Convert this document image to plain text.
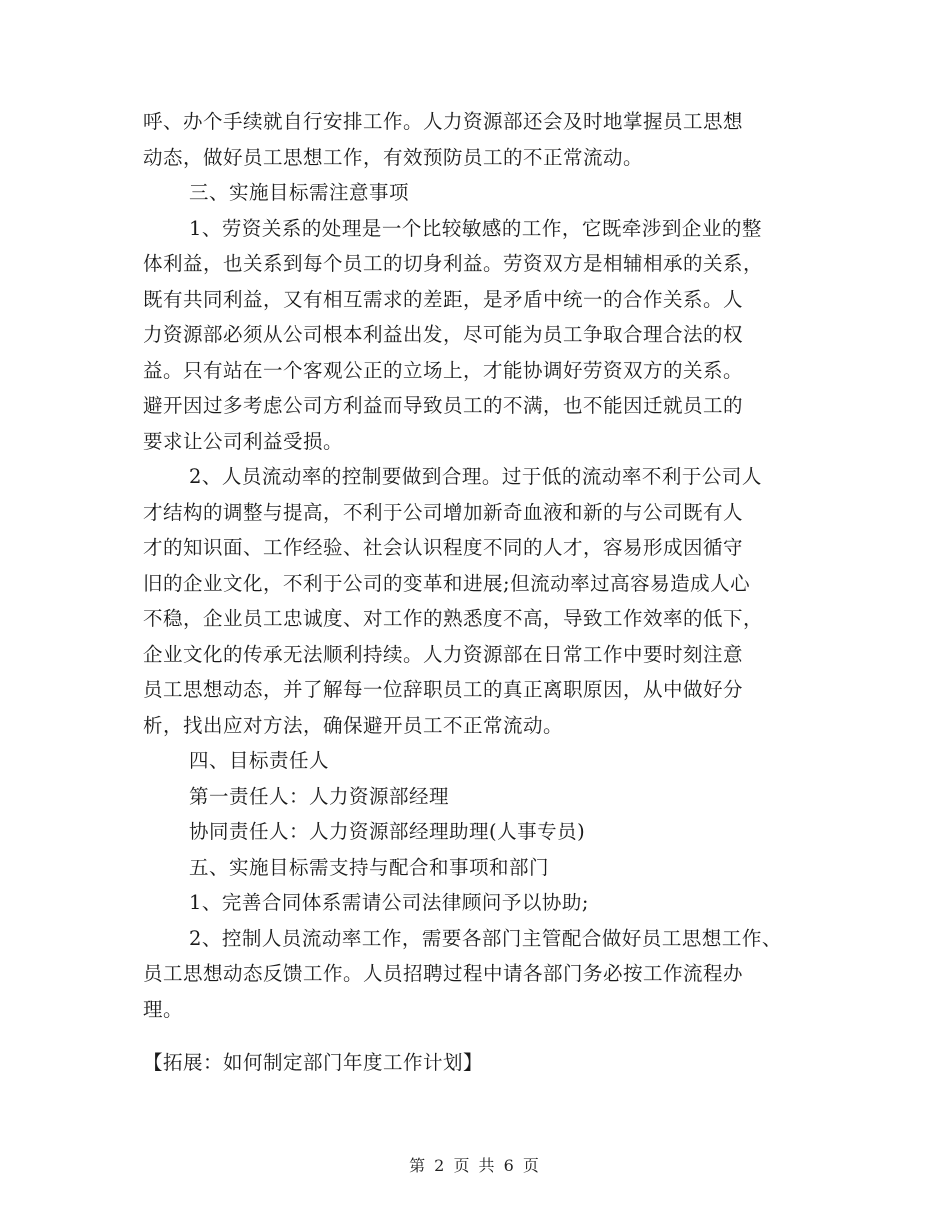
呼、办个手续就自行安排工作。人力资源部还会及时地掌握员工思想
动态，做好员工思想工作，有效预防员工的不正常流动。
三、实施目标需注意事项
1、劳资关系的处理是一个比较敏感的工作，它既牵涉到企业的整
体利益，也关系到每个员工的切身利益。劳资双方是相辅相承的关系，
既有共同利益，又有相互需求的差距，是矛盾中统一的合作关系。人
力资源部必须从公司根本利益出发，尽可能为员工争取合理合法的权
益。只有站在一个客观公正的立场上，才能协调好劳资双方的关系。
避开因过多考虑公司方利益而导致员工的不满，也不能因迁就员工的
要求让公司利益受损。
2、人员流动率的控制要做到合理。过于低的流动率不利于公司人
才结构的调整与提高，不利于公司增加新奇血液和新的与公司既有人
才的知识面、工作经验、社会认识程度不同的人才，容易形成因循守
旧的企业文化，不利于公司的变革和进展;但流动率过高容易造成人心
不稳，企业员工忠诚度、对工作的熟悉度不高，导致工作效率的低下，
企业文化的传承无法顺利持续。人力资源部在日常工作中要时刻注意
员工思想动态，并了解每一位辞职员工的真正离职原因，从中做好分
析，找出应对方法，确保避开员工不正常流动。
四、目标责任人
第一责任人：人力资源部经理
协同责任人：人力资源部经理助理(人事专员)
五、实施目标需支持与配合和事项和部门
1、完善合同体系需请公司法律顾问予以协助;
2、控制人员流动率工作，需要各部门主管配合做好员工思想工作、
员工思想动态反馈工作。人员招聘过程中请各部门务必按工作流程办
理。
【拓展：如何制定部门年度工作计划】
第 2 页 共 6 页
